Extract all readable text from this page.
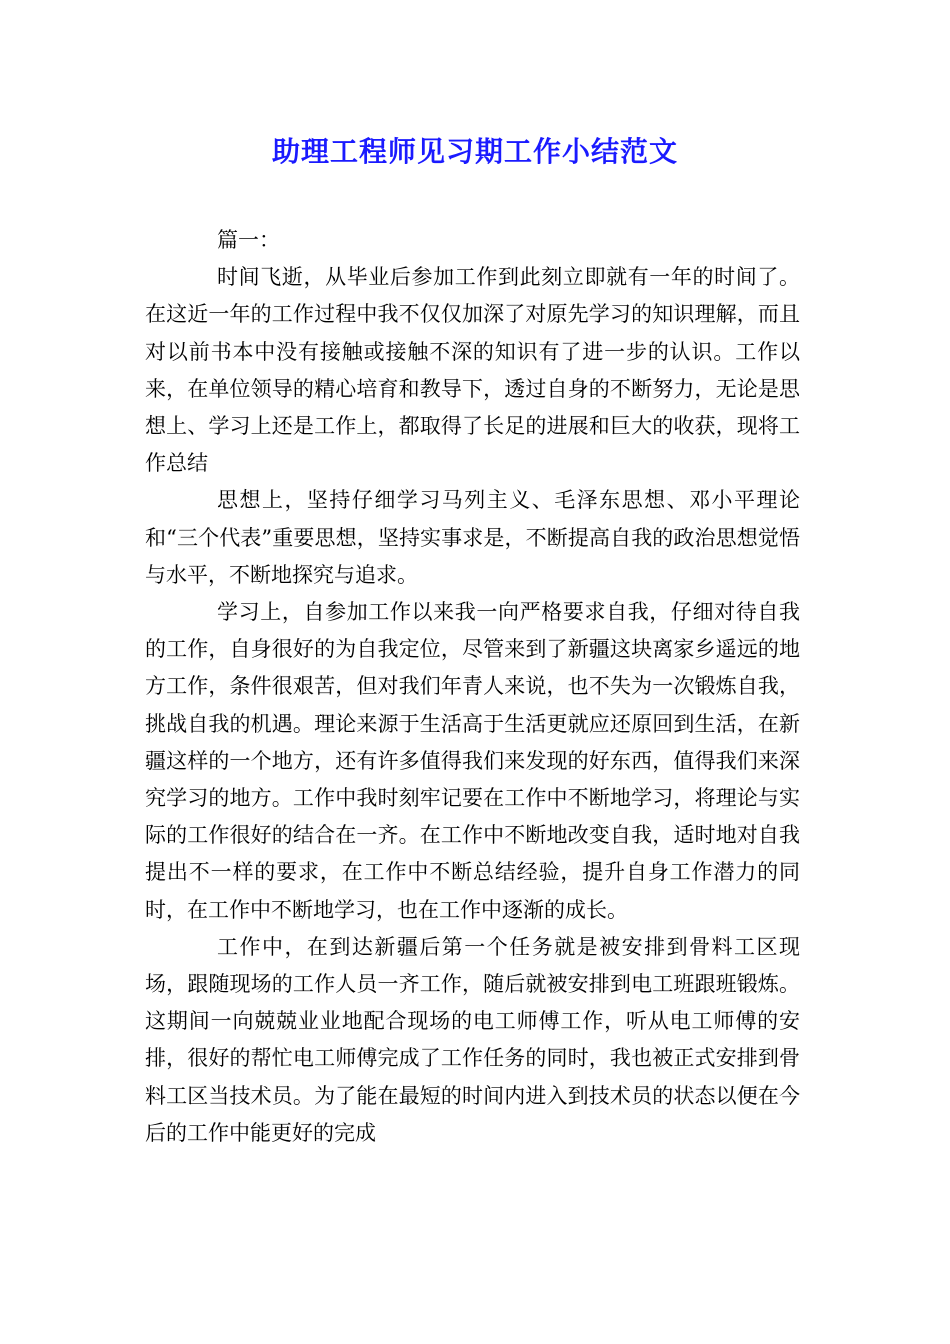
助理工程师见习期工作小结范文

篇一：

时间飞逝，从毕业后参加工作到此刻立即就有一年的时间了。在这近一年的工作过程中我不仅仅加深了对原先学习的知识理解，而且对以前书本中没有接触或接触不深的知识有了进一步的认识。工作以来，在单位领导的精心培育和教导下，透过自身的不断努力，无论是思想上、学习上还是工作上，都取得了长足的进展和巨大的收获，现将工作总结

思想上，坚持仔细学习马列主义、毛泽东思想、邓小平理论和“三个代表”重要思想，坚持实事求是，不断提高自我的政治思想觉悟与水平，不断地探究与追求。

学习上，自参加工作以来我一向严格要求自我，仔细对待自我的工作，自身很好的为自我定位，尽管来到了新疆这块离家乡遥远的地方工作，条件很艰苦，但对我们年青人来说，也不失为一次锻炼自我，挑战自我的机遇。理论来源于生活高于生活更就应还原回到生活，在新疆这样的一个地方，还有许多值得我们来发现的好东西，值得我们来深究学习的地方。工作中我时刻牢记要在工作中不断地学习，将理论与实际的工作很好的结合在一齐。在工作中不断地改变自我，适时地对自我提出不一样的要求，在工作中不断总结经验，提升自身工作潜力的同时，在工作中不断地学习，也在工作中逐渐的成长。

工作中，在到达新疆后第一个任务就是被安排到骨料工区现场，跟随现场的工作人员一齐工作，随后就被安排到电工班跟班锻炼。这期间一向兢兢业业地配合现场的电工师傅工作，听从电工师傅的安排，很好的帮忙电工师傅完成了工作任务的同时，我也被正式安排到骨料工区当技术员。为了能在最短的时间内进入到技术员的状态以便在今后的工作中能更好的完成
